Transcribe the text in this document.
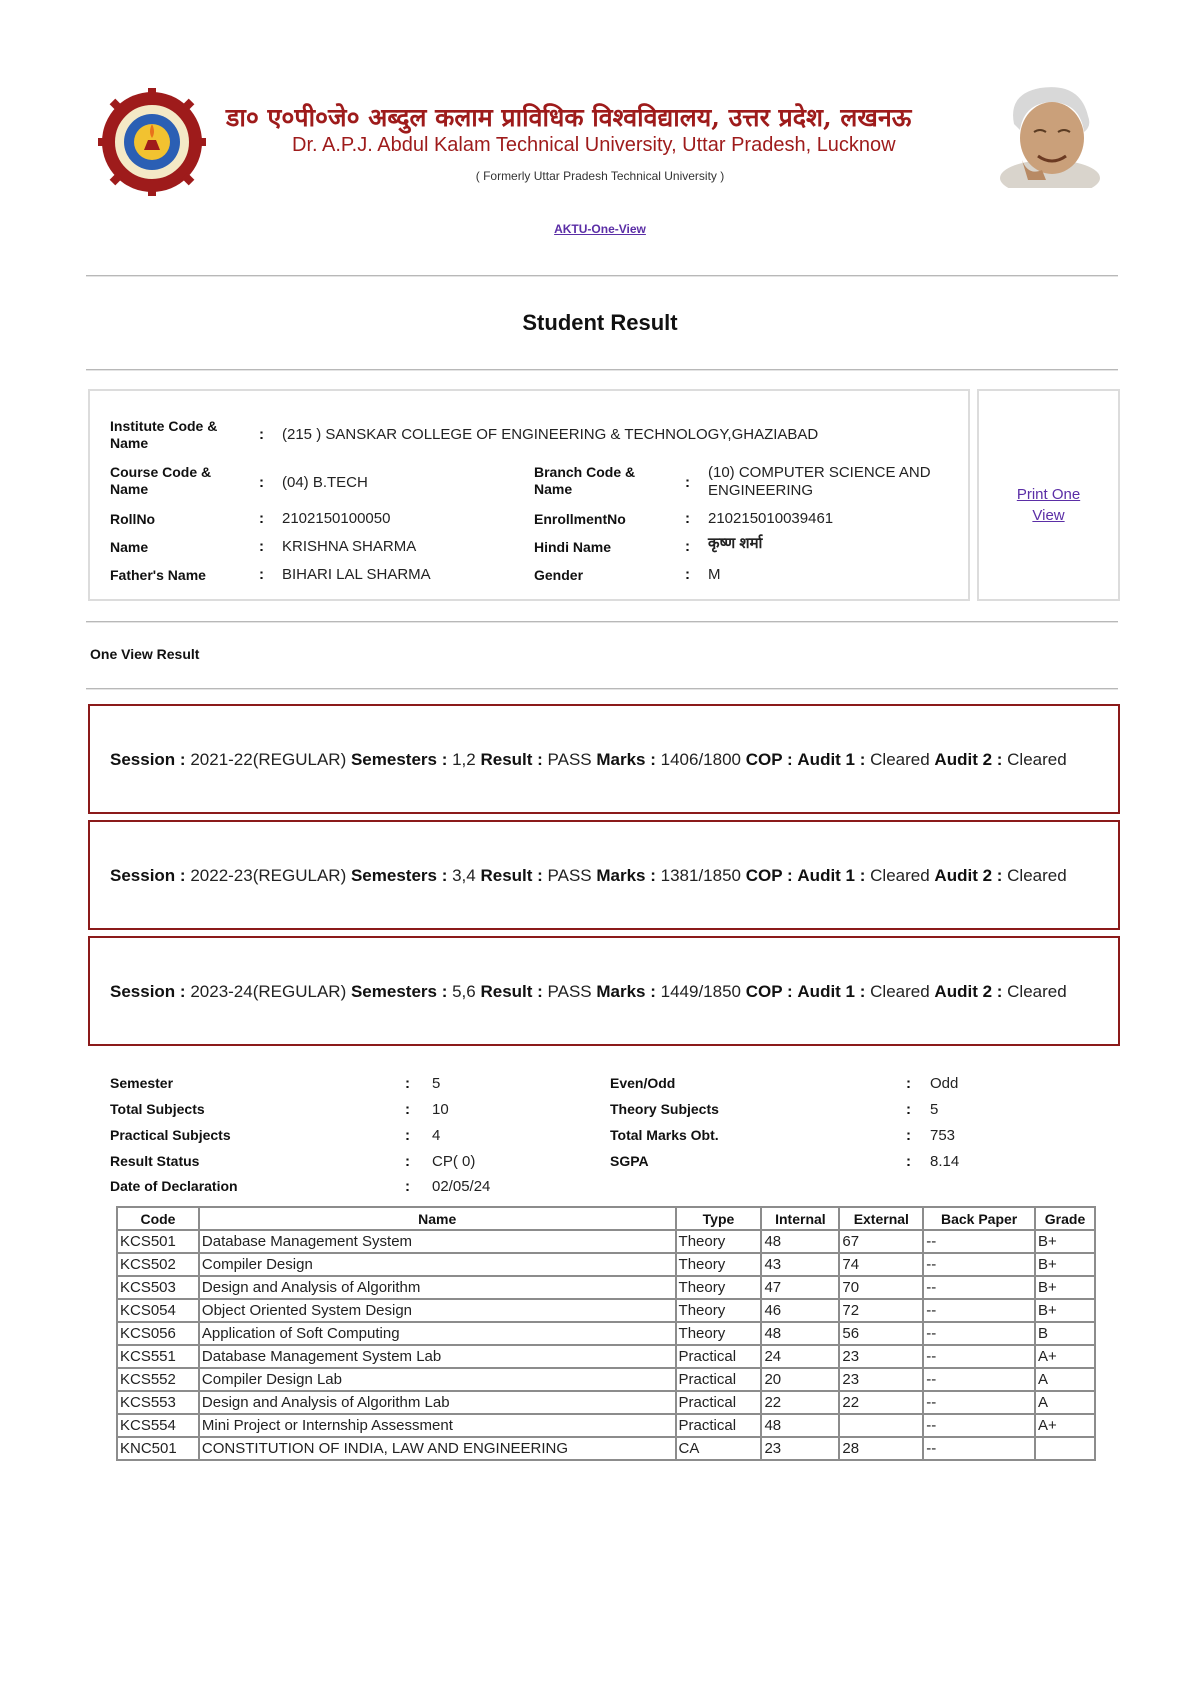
डा० ए०पी०जे० अब्दुल कलाम प्राविधिक विश्वविद्यालय, उत्तर प्रदेश, लखनऊ
Dr. A.P.J. Abdul Kalam Technical University, Uttar Pradesh, Lucknow
( Formerly Uttar Pradesh Technical University )
AKTU-One-View
Student Result
Print One
View
Institute Code & Name	: (215 ) SANSKAR COLLEGE OF ENGINEERING & TECHNOLOGY,GHAZIABAD
Course Code & Name	: (04) B.TECH
Branch Code & Name	:
(10) COMPUTER SCIENCE AND
ENGINEERING
RollNo	: 2102150100050	EnrollmentNo	: 210215010039461
Name	: KRISHNA SHARMA	Hindi Name	: कृष्ण शर्मा
Father's Name	: BIHARI LAL SHARMA	Gender	: M
One View Result
Session : 2021-22(REGULAR) Semesters : 1,2 Result : PASS Marks : 1406/1800 COP : Audit 1 : Cleared Audit 2 : Cleared
Session : 2022-23(REGULAR) Semesters : 3,4 Result : PASS Marks : 1381/1850 COP : Audit 1 : Cleared Audit 2 : Cleared
Session : 2023-24(REGULAR) Semesters : 5,6 Result : PASS Marks : 1449/1850 COP : Audit 1 : Cleared Audit 2 : Cleared
Semester	: 5	Even/Odd	: Odd
Total Subjects	: 10	Theory Subjects	: 5
Practical Subjects	: 4	Total Marks Obt.	: 753
Result Status	: CP( 0)	SGPA	: 8.14
Date of Declaration	: 02/05/24
Code	Name	Type	Internal	External	Back Paper	Grade
KCS501	Database Management System	Theory	48	67	--	B+
KCS502	Compiler Design	Theory	43	74	--	B+
KCS503	Design and Analysis of Algorithm	Theory	47	70	--	B+
KCS054	Object Oriented System Design	Theory	46	72	--	B+
KCS056	Application of Soft Computing	Theory	48	56	--	B
KCS551	Database Management System Lab	Practical	24	23	--	A+
KCS552	Compiler Design Lab	Practical	20	23	--	A
KCS553	Design and Analysis of Algorithm Lab	Practical	22	22	--	A
KCS554	Mini Project or Internship Assessment	Practical	48		--	A+
KNC501	CONSTITUTION OF INDIA, LAW AND ENGINEERING	CA	23	28	--	
